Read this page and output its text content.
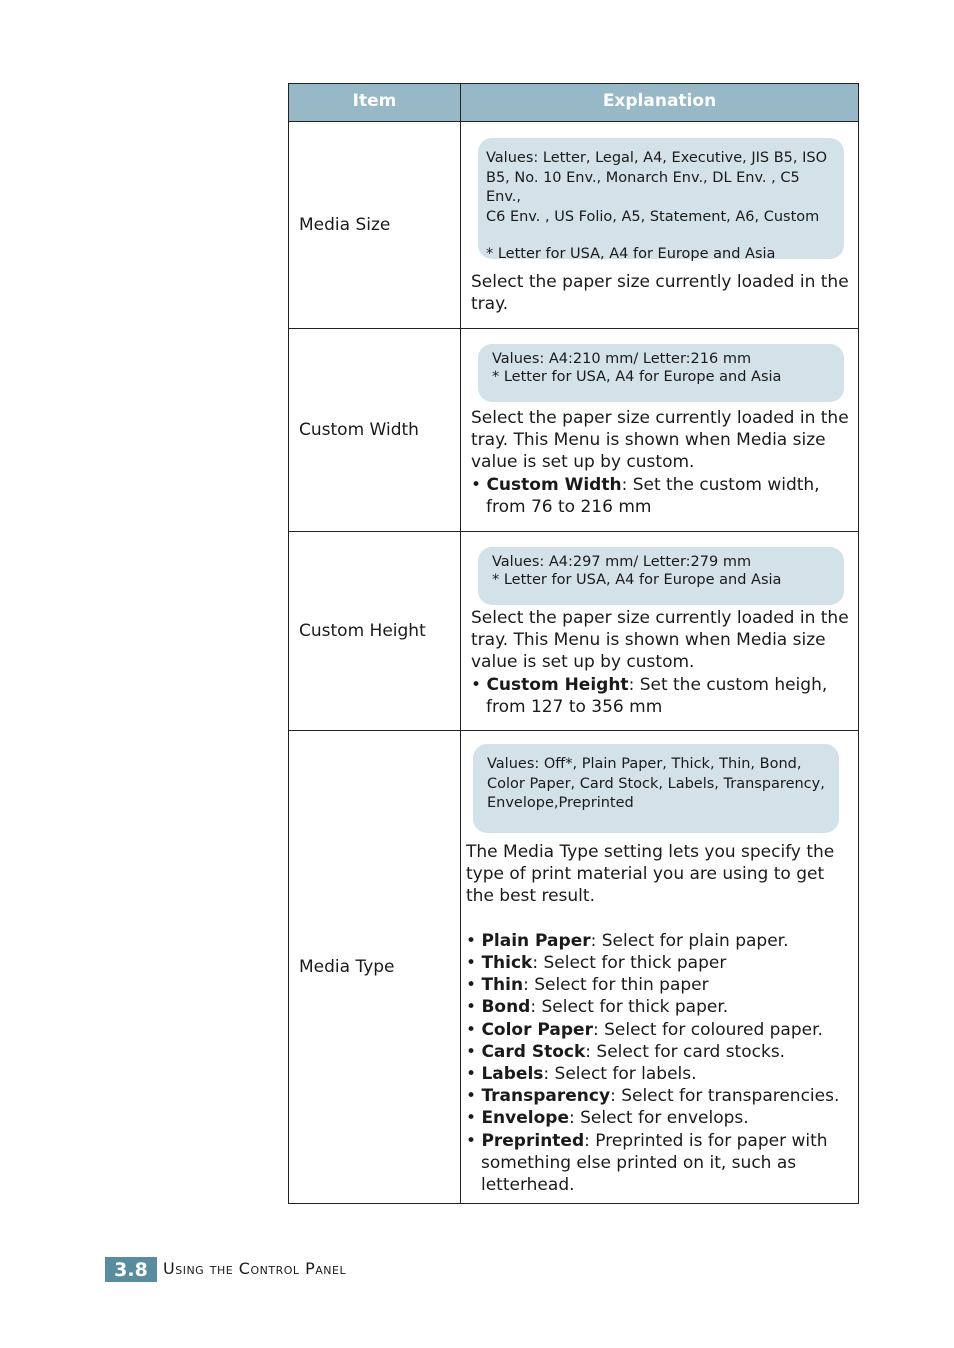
Item	Explanation
Media Size
Values: Letter, Legal, A4, Executive, JIS B5, ISO
B5, No. 10 Env., Monarch Env., DL Env. , C5 Env.,
C6 Env. , US Folio, A5, Statement, A6, Custom
* Letter for USA, A4 for Europe and Asia

Select the paper size currently loaded in the

tray.

Custom Width
Values: A4:210 mm/ Letter:216 mm
* Letter for USA, A4 for Europe and Asia

Select the paper size currently loaded in the

tray. This Menu is shown when Media size

value is set up by custom.

• Custom Width: Set the custom width,

from 76 to 216 mm

Custom Height
Values: A4:297 mm/ Letter:279 mm
* Letter for USA, A4 for Europe and Asia

Select the paper size currently loaded in the

tray. This Menu is shown when Media size

value is set up by custom.

• Custom Height: Set the custom heigh,

from 127 to 356 mm

Media Type
Values: Off*, Plain Paper, Thick, Thin, Bond,
Color Paper, Card Stock, Labels, Transparency,
Envelope,Preprinted

The Media Type setting lets you specify the

type of print material you are using to get

the best result.

• Plain Paper: Select for plain paper.

• Thick: Select for thick paper

• Thin: Select for thin paper

• Bond: Select for thick paper.

• Color Paper: Select for coloured paper.

• Card Stock: Select for card stocks.

• Labels: Select for labels.

• Transparency: Select for transparencies.

• Envelope: Select for envelops.

• Preprinted: Preprinted is for paper with

something else printed on it, such as

letterhead.

3.8 Using the Control Panel
